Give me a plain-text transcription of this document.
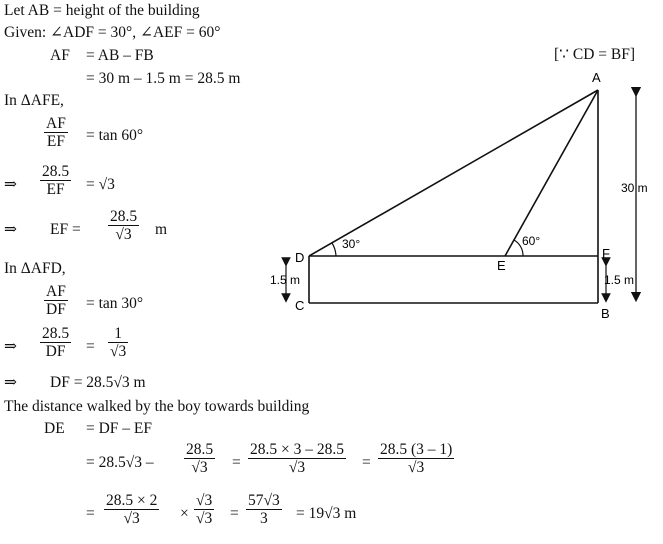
Let AB = height of the building
Given: ∠ADF = 30°, ∠AEF = 60°
AF = AB – FB
= 30 m – 1.5 m = 28.5 m
In ΔAFE,
$\frac{AF}{EF} = \tan 60^\circ$
⇒ $\frac{28.5}{EF} = √3$
⇒ EF = $\frac{28.5}{√3}$ m
In ΔAFD,
$\frac{AF}{DF} = \tan 30^\circ$
⇒ $\frac{28.5}{DF} = \frac{1}{√3}$
⇒ DF = 28.5√3 m
The distance walked by the boy towards building
DE = DF – EF
= $28.5√3 - \frac{28.5}{√3} = \frac{28.5 \times 3 - 28.5}{√3} = \frac{28.5 (3 - 1)}{√3}$
= $\frac{28.5 \times 2}{√3} \times \frac{√3}{√3} = \frac{57√3}{3} = 19√3$ m
[∵ CD = BF]
A
B
C
D
E
F
30°	60°
30 m
1.5 m	1.5 m
